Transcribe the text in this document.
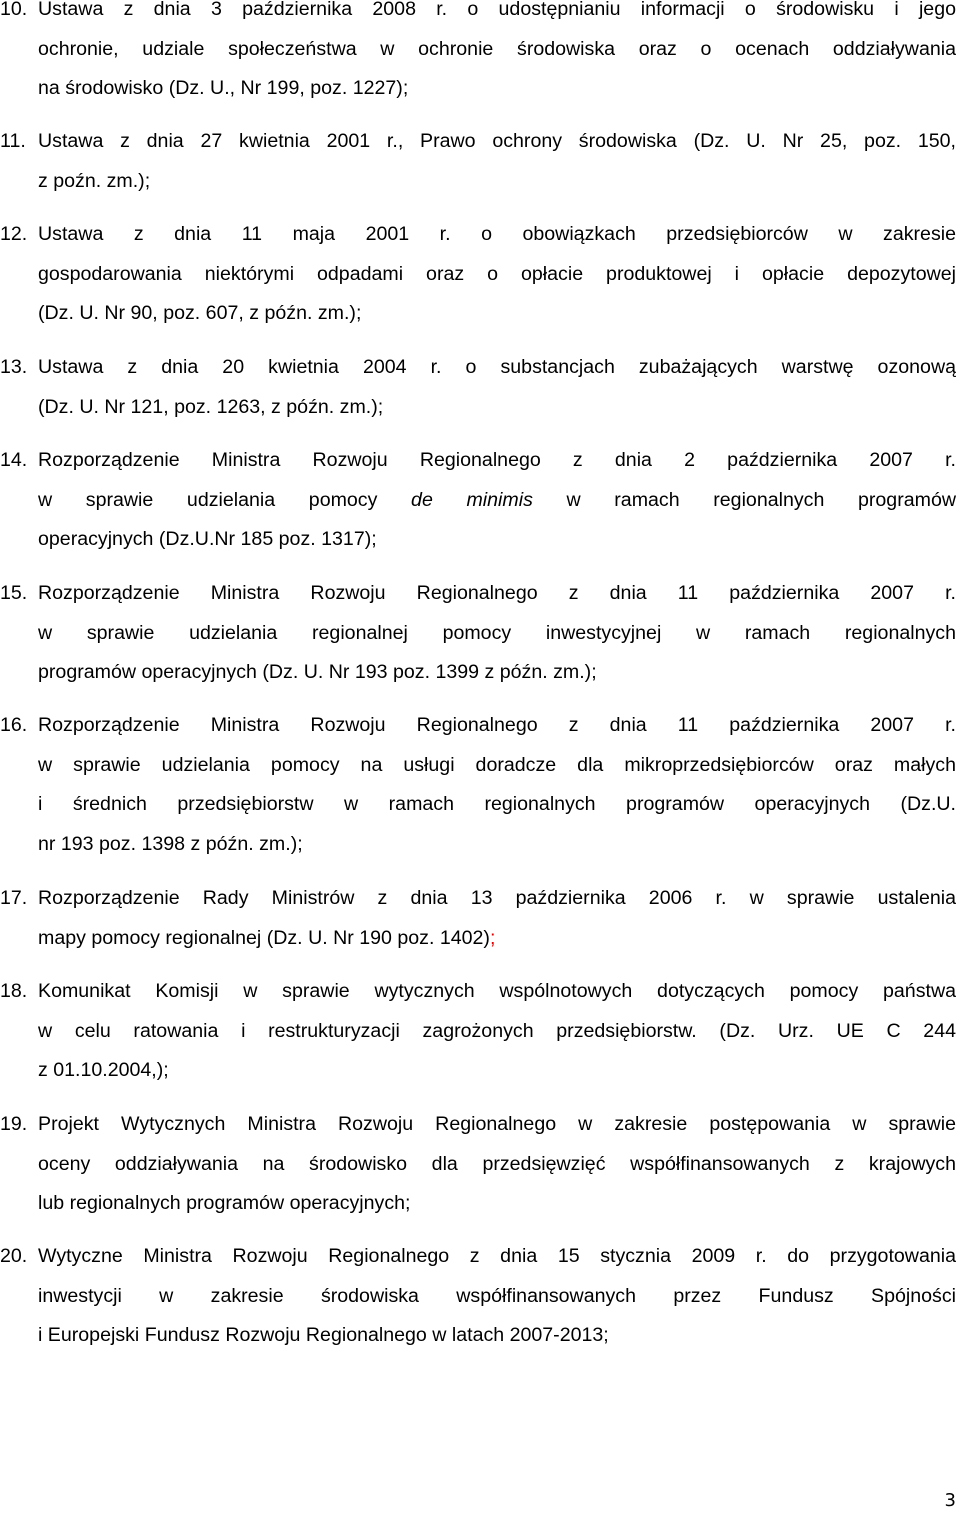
10. Ustawa z dnia 3 października 2008 r. o udostępnianiu informacji o środowisku i jego
ochronie, udziale społeczeństwa w ochronie środowiska oraz o ocenach oddziaływania
na środowisko (Dz. U., Nr 199, poz. 1227);
11. Ustawa z dnia 27 kwietnia 2001 r., Prawo ochrony środowiska (Dz. U. Nr 25, poz. 150,
z poźn. zm.);
12. Ustawa z dnia 11 maja 2001 r. o obowiązkach przedsiębiorców w zakresie
gospodarowania niektórymi odpadami oraz o opłacie produktowej i opłacie depozytowej
(Dz. U. Nr 90, poz. 607, z późn. zm.);
13. Ustawa z dnia 20 kwietnia 2004 r. o substancjach zubażających warstwę ozonową
(Dz. U. Nr 121, poz. 1263, z późn. zm.);
14. Rozporządzenie Ministra Rozwoju Regionalnego z dnia 2 października 2007 r.
w sprawie udzielania pomocy de minimis w ramach regionalnych programów
operacyjnych (Dz.U.Nr 185 poz. 1317);
15. Rozporządzenie Ministra Rozwoju Regionalnego z dnia 11 października 2007 r.
w sprawie udzielania regionalnej pomocy inwestycyjnej w ramach regionalnych
programów operacyjnych (Dz. U. Nr 193 poz. 1399 z późn. zm.);
16. Rozporządzenie Ministra Rozwoju Regionalnego z dnia 11 października 2007 r.
w sprawie udzielania pomocy na usługi doradcze dla mikroprzedsiębiorców oraz małych
i średnich przedsiębiorstw w ramach regionalnych programów operacyjnych (Dz.U.
nr 193 poz. 1398 z późn. zm.);
17. Rozporządzenie Rady Ministrów z dnia 13 października 2006 r. w sprawie ustalenia
mapy pomocy regionalnej (Dz. U. Nr 190 poz. 1402);
18. Komunikat Komisji w sprawie wytycznych wspólnotowych dotyczących pomocy państwa
w celu ratowania i restrukturyzacji zagrożonych przedsiębiorstw. (Dz. Urz. UE C 244
z 01.10.2004,);
19. Projekt Wytycznych Ministra Rozwoju Regionalnego w zakresie postępowania w sprawie
oceny oddziaływania na środowisko dla przedsięwzięć współfinansowanych z krajowych
lub regionalnych programów operacyjnych;
20. Wytyczne Ministra Rozwoju Regionalnego z dnia 15 stycznia 2009 r. do przygotowania
inwestycji w zakresie środowiska współfinansowanych przez Fundusz Spójności
i Europejski Fundusz Rozwoju Regionalnego w latach 2007-2013;
3
